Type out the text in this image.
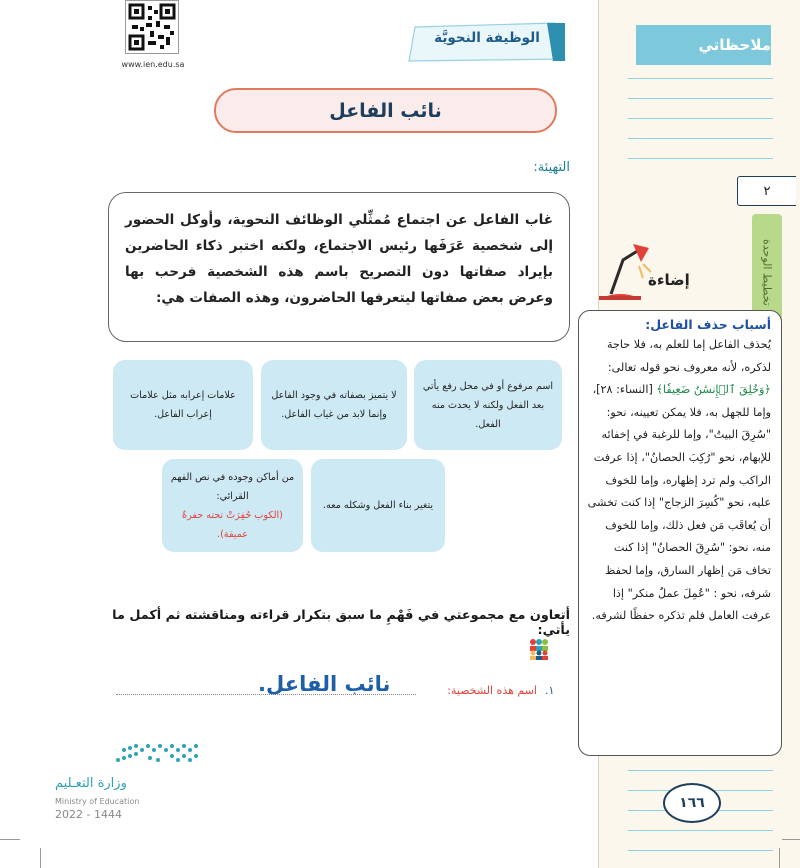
ملاحظاتي
٢
تخطيط الوحدة
إضاءة
أسباب حذف الفاعل:
يُحذف الفاعل إما للعلم به، فلا حاجة لذكره، لأنه معروف نحو قوله تعالى: ﴿وَخُلِقَ ٱلۡإِنسَٰنُ ضَعِيفٗا﴾ [النساء: ٢٨]، وإما للجهل به، فلا يمكن تعيينه، نحو: "سُرِقَ البيتُ"، وإما للرغبة في إخفائه للإبهام، نحو "رُكِبَ الحصانُ"، إذا عرفت الراكب ولم ترد إظهاره، وإما للخوف عليه، نحو "كُسِرَ الزجاج" إذا كنت تخشى أن يُعاقَب مَن فعل ذلك، وإما للخوف منه، نحو: "سُرِقَ الحصانُ" إذا كنت تخاف مَن إظهار السارق، وإما لحفظ شرفه، نحو : "عُمِلَ عملٌ منكر" إذا عرفت العامل فلم تذكره حفظًا لشرفه.
١٦٦
www.ien.edu.sa
الوظيفة النحويَّة
نائب الفاعل
التهيئة:
غاب الفاعل عن اجتماع مُمثِّلي الوظائف النحوية، وأوكل الحضور إلى شخصية عَرَفَها رئيس الاجتماع، ولكنه اختبر ذكاء الحاضرين بإيراد صفاتها دون التصريح باسم هذه الشخصية فرحب بها وعرض بعض صفاتها ليتعرفها الحاضرون، وهذه الصفات هي:
اسم مرفوع أو في محل رفع يأتي بعد الفعل ولكنه لا يحدث منه الفعل.
لا يتميز بصفاته في وجود الفاعل وإنما لابد من غياب الفاعل.
علامات إعرابه مثل علامات إعراب الفاعل.
يتغير بناء الفعل وشكله معه.
من أماكن وجوده في نص الفهم القرائي:
(الكوب حُفِرَتْ تحته حفرةٌ عميقة).
أتعاون مع مجموعتي في فَهْمِ ما سبق بتكرار قراءته ومناقشته ثم أكمل ما يأتي:
١.
اسم هذه الشخصية:
نائب الفاعل.
وزارة التعـليم
Ministry of Education
2022 - 1444
